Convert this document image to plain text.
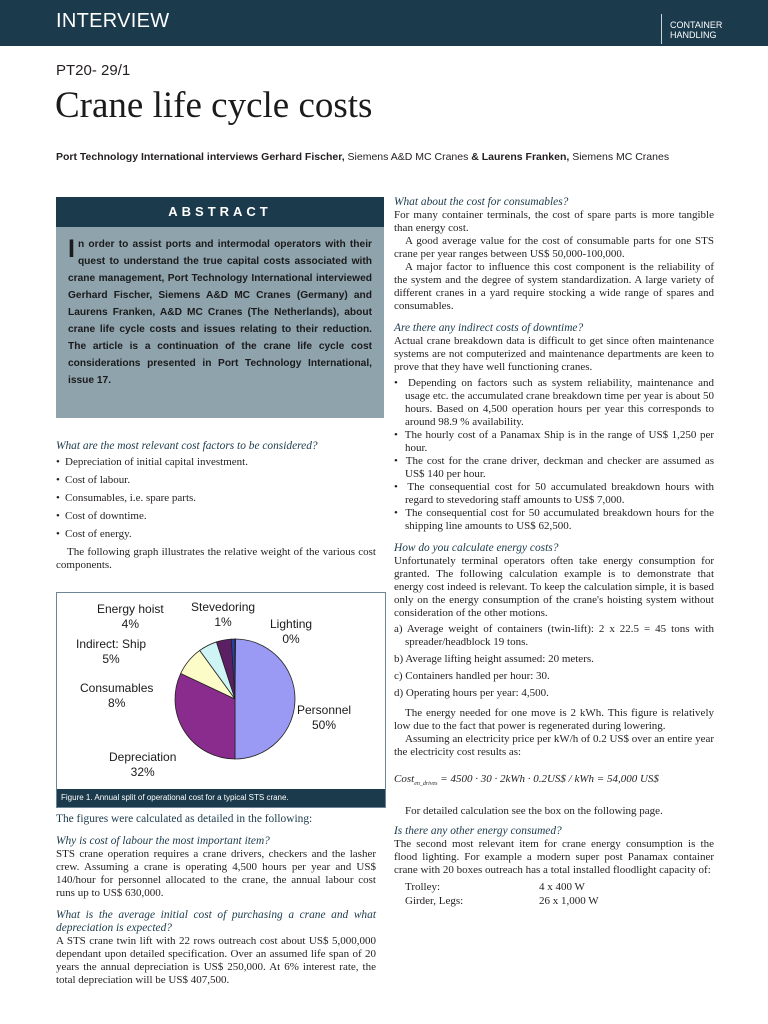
INTERVIEW	CONTAINER
HANDLING
PT20- 29/1
Crane life cycle costs
Port Technology International interviews Gerhard Fischer, Siemens A&D MC Cranes & Laurens Franken, Siemens MC Cranes
ABSTRACT
In order to assist ports and intermodal operators with their quest to understand the true capital costs associated with crane management, Port Technology International interviewed Gerhard Fischer, Siemens A&D MC Cranes (Germany) and Laurens Franken, A&D MC Cranes (The Netherlands), about crane life cycle costs and issues relating to their reduction. The article is a continuation of the crane life cycle cost considerations presented in Port Technology International, issue 17.

What are the most relevant cost factors to be considered?

• Depreciation of initial capital investment.

• Cost of labour.

• Consumables, i.e. spare parts.

• Cost of downtime.

• Cost of energy.

The following graph illustrates the relative weight of the various cost components.

Energy hoist
4%
Stevedoring
1%	Lighting
0%
Indirect: Ship
5%
Consumables
8%	Personnel
50%
Depreciation
32%
Figure 1. Annual split of operational cost for a typical STS crane.

The figures were calculated as detailed in the following:

Why is cost of labour the most important item?

STS crane operation requires a crane drivers, checkers and the lasher crew. Assuming a crane is operating 4,500 hours per year and US$ 140/hour for personnel allocated to the crane, the annual labour cost runs up to US$ 630,000.

What is the average initial cost of purchasing a crane and what depreciation is expected?

A STS crane twin lift with 22 rows outreach cost about US$ 5,000,000 dependant upon detailed specification. Over an assumed life span of 20 years the annual depreciation is US$ 250,000. At 6% interest rate, the total depreciation will be US$ 407,500.

What about the cost for consumables?

For many container terminals, the cost of spare parts is more tangible than energy cost.

A good average value for the cost of consumable parts for one STS crane per year ranges between US$ 50,000-100,000.

A major factor to influence this cost component is the reliability of the system and the degree of system standardization. A large variety of different cranes in a yard require stocking a wide range of spares and consumables.

Are there any indirect costs of downtime?

Actual crane breakdown data is difficult to get since often maintenance systems are not computerized and maintenance departments are keen to prove that they have well functioning cranes.

•  Depending on factors such as system reliability, maintenance and usage etc. the accumulated crane breakdown time per year is about 50 hours. Based on 4,500 operation hours per year this corresponds to around 98.9 % availability.

•  The hourly cost of a Panamax Ship is in the range of US$ 1,250 per hour.

•  The cost for the crane driver, deckman and checker are assumed as US$ 140 per hour.

•  The consequential cost for 50 accumulated breakdown hours with regard to stevedoring staff amounts to US$ 7,000.

•  The consequential cost for 50 accumulated breakdown hours for the shipping line amounts to US$ 62,500.

How do you calculate energy costs?

Unfortunately terminal operators often take energy consumption for granted. The following calculation example is to demonstrate that energy cost indeed is relevant. To keep the calculation simple, it is based only on the energy consumption of the crane's hoisting system without consideration of the other motions.

a) Average weight of containers (twin-lift): 2 x 22.5 = 45 tons with spreader/headblock 19 tons.

b) Average lifting height assumed: 20 meters.

c) Containers handled per hour: 30.

d) Operating hours per year: 4,500.

The energy needed for one move is 2 kWh. This figure is relatively low due to the fact that power is regenerated during lowering.

Assuming an electricity price per kW/h of 0.2 US$ over an entire year the electricity cost results as:

Cost$_{en\_drives}$ = 4500 · 30 · 2kWh · 0.2US$ / kWh = 54,000 US$

For detailed calculation see the box on the following page.

Is there any other energy consumed?

The second most relevant item for crane energy consumption is the flood lighting. For example a modern super post Panamax container crane with 20 boxes outreach has a total installed floodlight capacity of:

Trolley:	4 x 400 W
Girder, Legs:	26 x 1,000 W
